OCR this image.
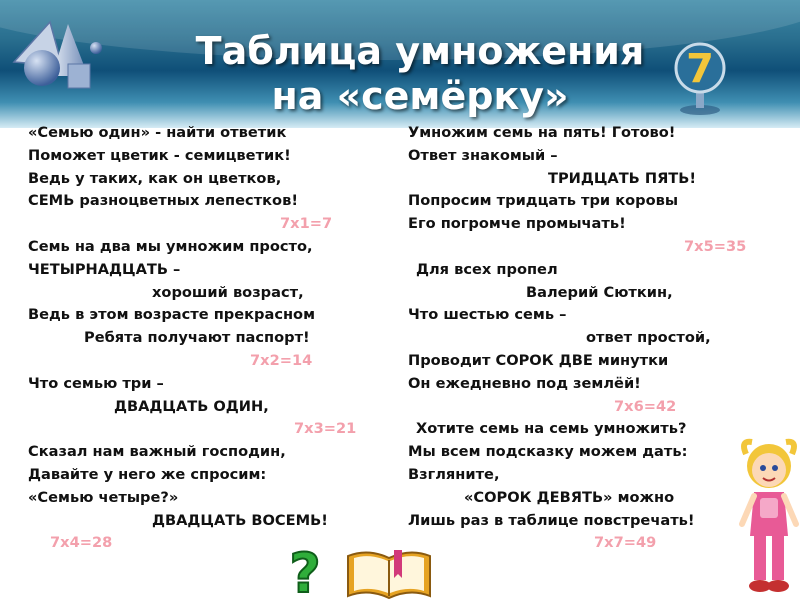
Таблица умножения
на «семёрку»
7
«Семью один» - найти ответик
Поможет цветик - семицветик!
Ведь у таких, как он цветков,
СЕМЬ разноцветных лепестков!
7х1=7
Семь на два мы умножим просто,
ЧЕТЫРНАДЦАТЬ –
хороший возраст,
Ведь в этом возрасте прекрасном
Ребята получают паспорт!
7х2=14
Что семью три –
ДВАДЦАТЬ ОДИН,
7х3=21
Сказал нам важный господин,
Давайте у него же спросим:
«Семью четыре?»
ДВАДЦАТЬ ВОСЕМЬ!
7х4=28
Умножим семь на пять! Готово!
Ответ знакомый –
ТРИДЦАТЬ ПЯТЬ!
Попросим тридцать три коровы
Его погромче промычать!
7х5=35
Для всех пропел
Валерий Сюткин,
Что шестью семь –
ответ простой,
Проводит СОРОК ДВЕ минутки
Он ежедневно под землёй!
7х6=42
Хотите семь на семь умножить?
Мы всем подсказку можем дать:
Взгляните,
«СОРОК ДЕВЯТЬ» можно
Лишь раз в таблице повстречать!
7х7=49
?
